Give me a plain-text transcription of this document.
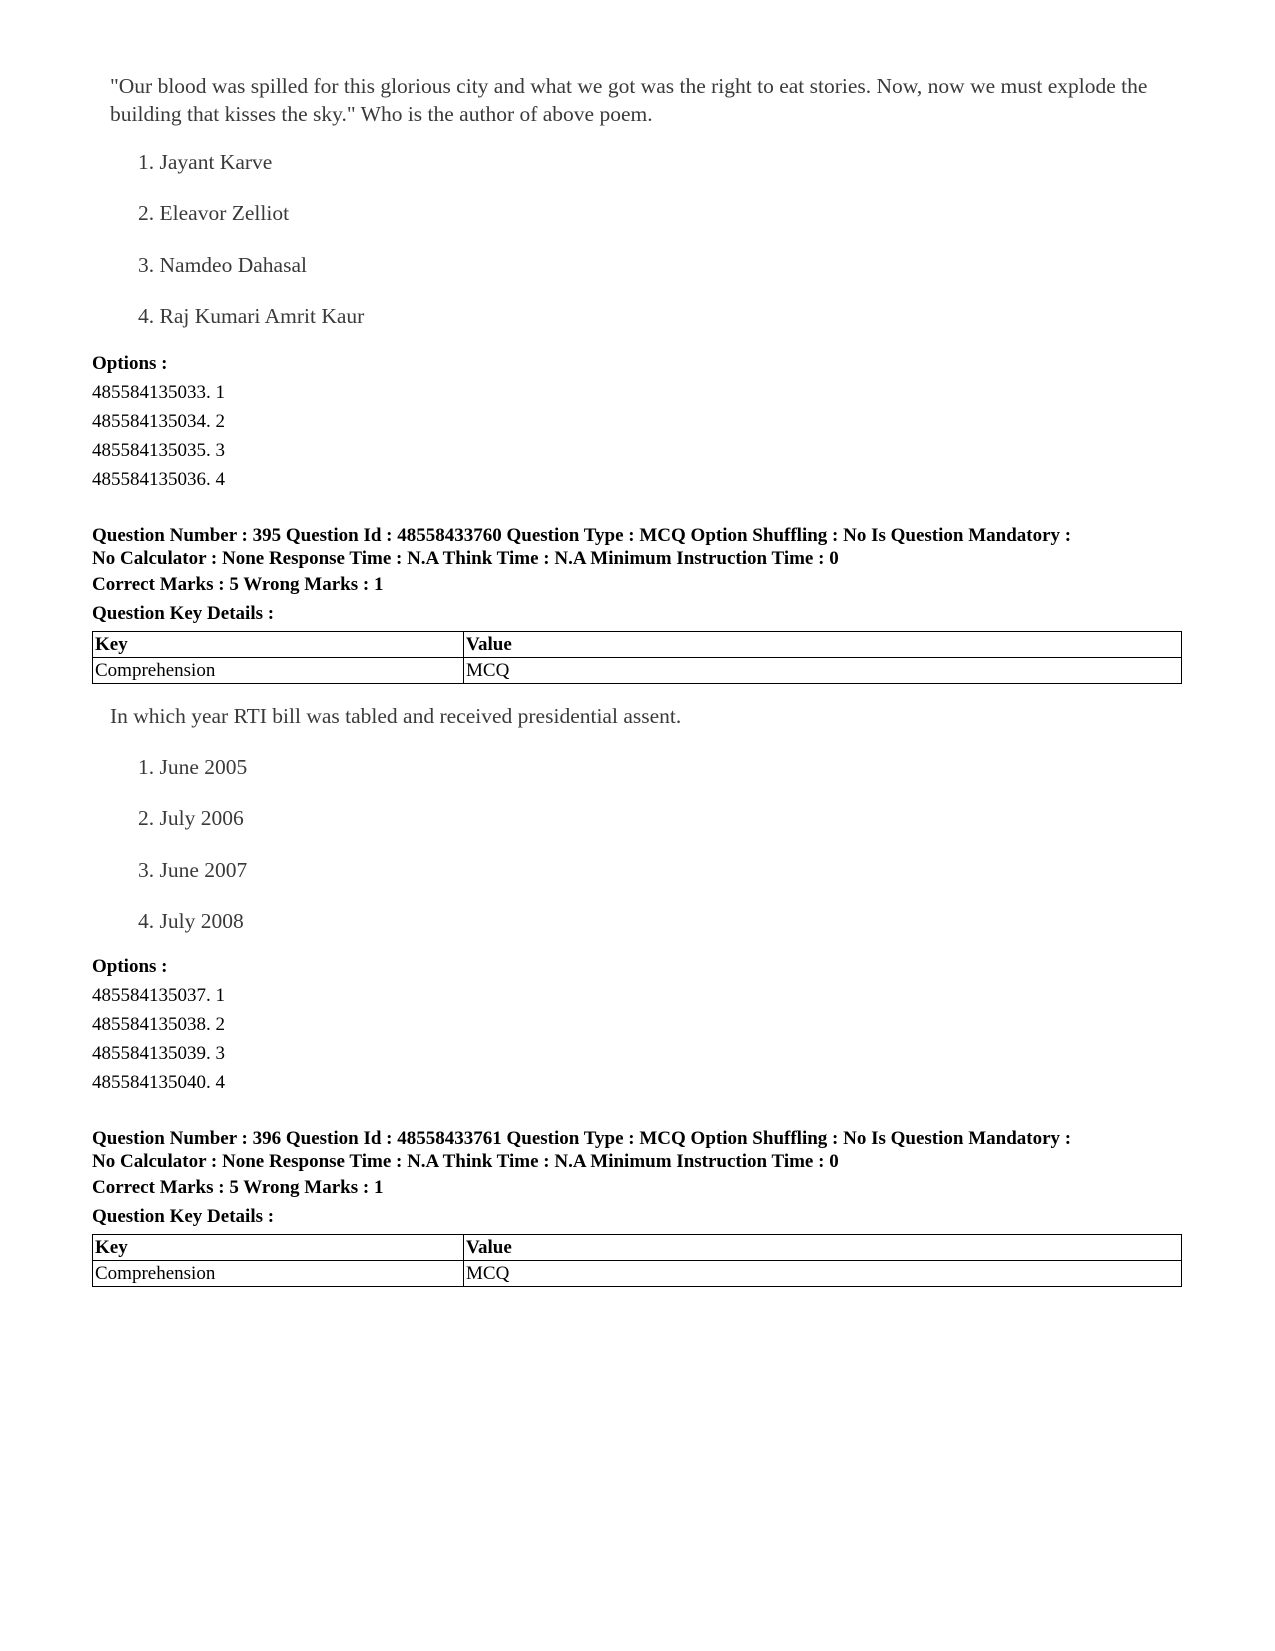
"Our blood was spilled for this glorious city and what we got was the right to eat stories. Now, now we must explode the building that kisses the sky." Who is the author of above poem.

1. Jayant Karve
2. Eleavor Zelliot
3. Namdeo Dahasal
4. Raj Kumari Amrit Kaur
Options :
485584135033. 1
485584135034. 2
485584135035. 3
485584135036. 4
Question Number : 395 Question Id : 48558433760 Question Type : MCQ Option Shuffling : No Is Question Mandatory :
No Calculator : None Response Time : N.A Think Time : N.A Minimum Instruction Time : 0
Correct Marks : 5 Wrong Marks : 1
Question Key Details :
Key	Value
Comprehension	MCQ

In which year RTI bill was tabled and received presidential assent.

1. June 2005
2. July 2006
3. June 2007
4. July 2008
Options :
485584135037. 1
485584135038. 2
485584135039. 3
485584135040. 4
Question Number : 396 Question Id : 48558433761 Question Type : MCQ Option Shuffling : No Is Question Mandatory :
No Calculator : None Response Time : N.A Think Time : N.A Minimum Instruction Time : 0
Correct Marks : 5 Wrong Marks : 1
Question Key Details :
Key	Value
Comprehension	MCQ
